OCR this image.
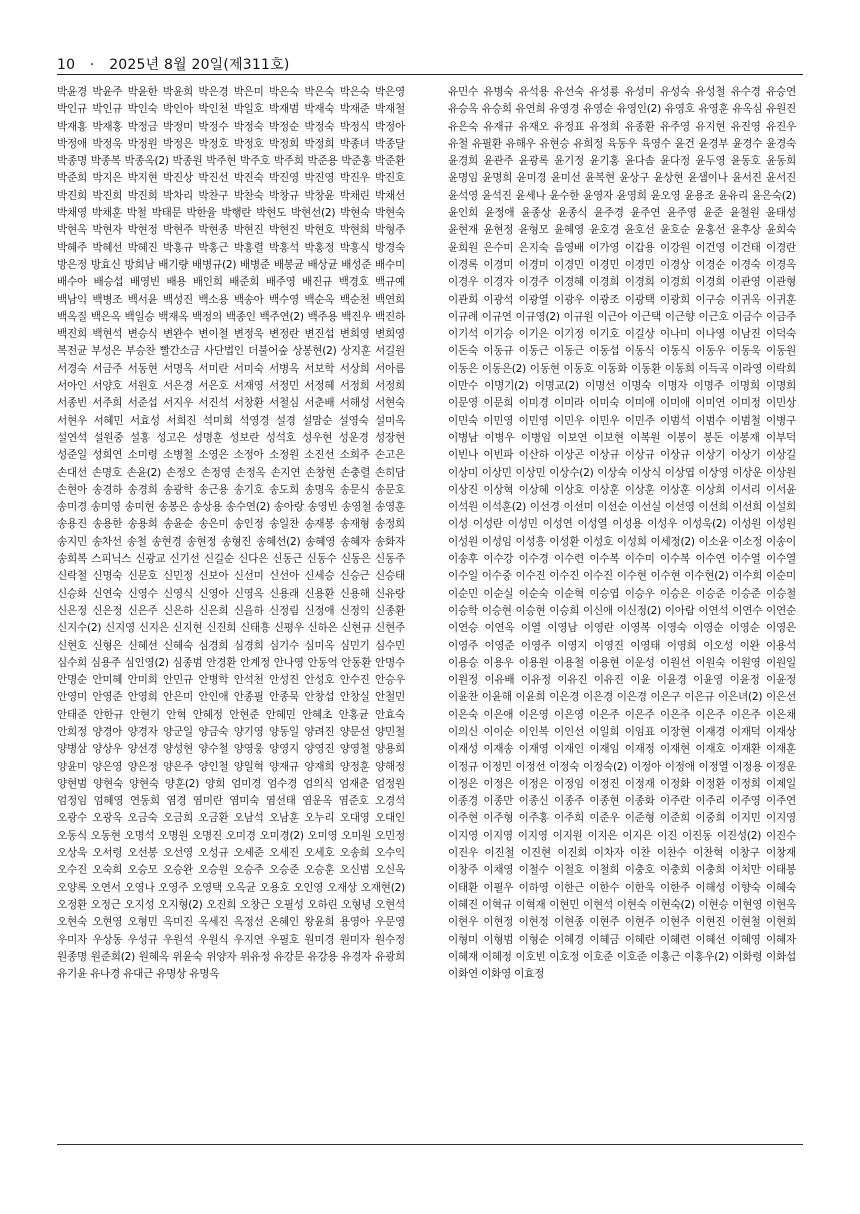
10 · 2025년 8월 20일(제311호)
박윤경 박윤주 박윤한 박윤희 박은경 박은미 박은숙 박은숙 박은숙 박은영 박인규 박인규 박인숙 박인아 박인천 박일호 박재범 박재숙 박재준 박재철 박재홍 박재홍 박정금 박정미 박정수 박정숙 박정순 박정숙 박정식 박정아 박정애 박정욱 박정원 박정은 박정호 박정호 박정희 박정희 박종녀 박종달 박종명 박종복 박종옥(2) 박종원 박주현 박주호 박주희 박준용 박준홍 박준환 박준희 박지은 박지현 박진상 박진선 박진숙 박진영 박진영 박진우 박진호 박진희 박진희 박진희 박차리 박찬구 박찬숙 박창규 박창윤 박채린 박채선 박채영 박채훈 박철 박태문 박한율 박행란 박현도 박현선(2) 박현숙 박현숙 박현옥 박현자 박현정 박현주 박현종 박현진 박현진 박현호 박현희 박형주 박혜주 박혜선 박혜진 박홍규 박홍근 박홍렬 박홍석 박홍정 박홍식 방경숙 방은정 방효신 방희남 배기량 배병규(2) 배병준 배봉균 배상균 배성준 배수미 배수아 배승섭 배영빈 배용 배인희 배준희 배주영 배진규 백경호 백규예 백남익 백병조 백서윤 백성진 백소용 백송아 백수영 백순옥 백순천 백연희 백옥질 백은옥 백일승 백재옥 백정의 백종인 백주연(2) 백주용 백진우 백진하 백진희 백현석 변승식 변완수 변이철 변정욱 변정란 변진섭 변희영 변희영 복전균 부성은 부승찬 빨간소금 사단법인 더불어숲 상봉현(2) 상지훈 서길원 서경숙 서금주 서동현 서명옥 서미란 서미숙 서병옥 서보학 서상희 서아름 서아인 서양호 서원호 서은경 서은호 서재영 서정민 서정혜 서정희 서정희 서종빈 서주희 서준섭 서지우 서진석 서창환 서철심 서춘배 서해성 서현숙 서현우 서혜민 서효성 서희진 석미희 석영경 설경 설맘순 설영숙 설미옥 설연석 설원중 설홍 성고은 성명훈 성보란 성석호 성우현 성운경 성장현 성준일 성희연 소미령 소병철 소영은 소정아 소정원 소진선 소희주 손고은 손대선 손명호 손윤(2) 손정오 손정영 손정옥 손지연 손창현 손충렬 손히담 손현아 송경하 송경희 송광학 송근용 송기호 송도희 송명옥 송문식 송문호 송미경 송미영 송미현 송봉은 송상용 송수연(2) 송아랑 송영빈 송영철 송영훈 송용진 송용한 송용희 송윤순 송은미 송인정 송일찬 송재봉 송재형 송정희 송지민 송차선 송철 송현경 송현정 송형진 송혜선(2) 송혜영 송혜자 송화자 송희복 스피닉스 신광교 신기선 신길순 신다은 신동근 신동수 신동은 신동주 신락철 신명숙 신문호 신민정 신보아 신선미 신선아 신세승 신승근 신승태 신승화 신연숙 신영수 신영식 신영아 신영옥 신용래 신용환 신용해 신유랑 신은정 신은정 신은주 신은하 신은희 신을하 신정림 신정애 신정익 신종환 신지수(2) 신지영 신지은 신지현 신진희 신태흥 신평우 신하은 신현규 신현주 신현호 신형은 신혜선 신혜숙 심경희 심경희 심기수 심미옥 심민기 심수민 심수희 심용주 심인영(2) 심종범 안경환 안계정 안나영 안동억 안동환 안명수 안명순 안미혜 안미희 안민규 안병학 안석천 안성진 안성호 안수진 안승우 안영미 안영준 안영희 안은미 안인애 안종필 안종묵 안창섭 안창실 안철민 안태준 안한규 안현기 안혁 안혜정 안현준 안혜민 안혜초 안홍균 안효숙 안희정 양경아 양경자 양군일 양금숙 양기영 양동일 양려진 양문선 양민철 양병삼 양상우 양선경 양성현 양수철 양영웅 양영지 양영진 양영철 양용희 양윤미 양은영 양은정 양은주 양인철 양일혁 양재규 양재희 양정훈 양해정 양현범 양현숙 양현숙 양훈(2) 양희 엄미경 엄수경 엄의식 엄재춘 엄정원 엄정임 엄혜영 연동희 염경 염미란 염미숙 염선태 염운옥 염준호 오경석 오광수 오광옥 오금숙 오금희 오금환 오남석 오남훈 오누리 오대영 오대인 오동식 오동현 오명석 오명원 오명진 오미경 오미경(2) 오미영 오미원 오민정 오상욱 오서령 오선봉 오선영 오성규 오세준 오세진 오세호 오송희 오수익 오수진 오숙희 오승모 오승완 오승원 오승주 오승준 오승훈 오신범 오신옥 오양록 오연서 오영나 오영주 오영택 오옥균 오용호 오인영 오재상 오재현(2) 오정환 오정근 오지성 오지형(2) 오진희 오창근 오필성 오하린 오형녕 오현석 오현숙 오현영 오형민 옥미진 옥세진 옥정선 온혜인 왕윤희 용영아 우문영 우미자 우상동 우성규 우원석 우원식 우지연 우필호 원미경 원미자 원수정 원종명 원준희(2) 원혜옥 위윤숙 위양자 위유정 유강문 유강용 유경자 유광희 유기윤 유나경 유대근 유명상 유명옥
유민수 유병숙 유석용 유선숙 유성룡 유성미 유성숙 유성철 유수경 유승연 유승옥 유승희 유연희 유영경 유영순 유영인(2) 유영호 유영훈 유옥심 유원진 유은숙 유재규 유재오 유정표 유정희 유종환 유주영 유지현 유진영 유진우 유철 유필환 유해우 유현승 유희정 육동우 육영수 윤건 윤경부 윤경수 윤경숙 윤경희 윤관주 윤광록 윤기정 윤기홍 윤다솜 윤다정 윤두영 윤동호 윤동희 윤명임 윤명희 윤미경 윤미선 윤복현 윤상구 윤상현 윤샘이나 윤서진 윤서진 윤석영 윤석진 윤세나 윤수한 윤영자 윤영희 윤오영 윤용조 윤유리 윤은숙(2) 윤인희 윤정애 윤종상 윤종식 윤주경 윤주연 윤주영 윤준 윤철원 윤태성 윤현재 윤현정 윤형모 윤혜영 윤호경 윤호선 윤호순 윤홍선 윤후상 윤희숙 윤희원 은수미 은지숙 음영배 이가영 이갑용 이강원 이건영 이건태 이경란 이경록 이경미 이경미 이경민 이경민 이경민 이경상 이경순 이경숙 이경옥 이경우 이경자 이경주 이경혜 이경희 이경희 이경희 이경희 이관영 이관형 이관희 이광석 이광열 이광우 이광조 이광택 이광희 이구승 이귀옥 이귀훈 이규례 이규연 이규영(2) 이규원 이근아 이근택 이근향 이근호 이금수 이금주 이기석 이기승 이기은 이기정 이기호 이길상 이나미 이나영 이남진 이덕숙 이돈숙 이동규 이동근 이동근 이동섭 이동식 이동식 이동우 이동욱 이동원 이동은 이동은(2) 이동현 이동호 이동화 이동환 이동희 이득곡 이라영 이락희 이만수 이명기(2) 이명교(2) 이명선 이명숙 이명자 이명주 이명희 이명희 이문영 이문희 이미경 이미라 이미숙 이미애 이미애 이미연 이미정 이민상 이민숙 이민영 이민영 이민우 이민우 이민주 이범석 이범수 이범철 이병구 이병남 이병우 이병임 이보연 이보현 이복원 이봉이 봉돈 이봉재 이부덕 이빈나 이빈파 이산하 이상곤 이상규 이상규 이상규 이상기 이상기 이상길 이상미 이상민 이상민 이상수(2) 이상숙 이상식 이상엽 이상영 이상운 이상원 이상진 이상혁 이상혜 이상호 이상훈 이상훈 이상훈 이상희 이서리 이서윤 이석원 이석훈(2) 이선경 이선미 이선순 이선실 이선영 이선희 이선희 이설희 이성 이성란 이성민 이성연 이성열 이성용 이성우 이성욱(2) 이성원 이성원 이성원 이성임 이성흥 이성환 이성호 이성희 이세정(2) 이소윤 이소정 이송이 이송후 이수강 이수경 이수련 이수복 이수미 이수복 이수연 이수열 이수열 이수일 이수중 이수진 이수진 이수진 이수현 이수현 이수현(2) 이수희 이순미 이순민 이순실 이순숙 이순혁 이승엽 이승우 이승은 이승준 이승준 이승철 이승학 이승현 이승현 이승희 이신애 이신정(2) 이아람 이연석 이연수 이연순 이연승 이연옥 이열 이영남 이영란 이영복 이영숙 이영순 이영순 이영은 이영주 이영준 이영주 이영지 이영진 이영태 이영희 이오성 이완 이용석 이용승 이용우 이용원 이용철 이용현 이운성 이원선 이원숙 이원영 이원일 이원정 이유배 이유정 이유진 이유진 이윤 이윤경 이윤영 이윤정 이윤정 이윤찬 이윤해 이윤희 이은경 이은경 이은경 이은구 이은규 이은녀(2) 이은선 이은숙 이은애 이은영 이은영 이은주 이은주 이은주 이은주 이은주 이은채 이의신 이이순 이인복 이인선 이일희 이임표 이장현 이재경 이재덕 이재상 이재성 이재송 이재영 이재인 이재임 이재정 이재현 이재호 이재환 이재훈 이정규 이정민 이정선 이정숙 이정숙(2) 이정아 이정애 이정열 이정용 이정운 이정은 이정은 이정은 이정임 이정진 이정재 이정화 이정환 이정희 이제일 이종경 이종만 이종신 이종주 이종현 이종화 이주란 이주리 이주영 이주연 이주현 이주형 이주홍 이주희 이준우 이준형 이준희 이중희 이지민 이지영 이지영 이지영 이지영 이지원 이지은 이지은 이진 이진동 이진성(2) 이진수 이진우 이진철 이진현 이진희 이차자 이찬 이찬수 이찬혁 이창구 이창재 이창주 이채영 이철수 이철호 이철희 이충호 이충희 이충희 이치만 이태봉 이태환 이필우 이하영 이한근 이한수 이한욱 이한주 이해성 이향숙 이혜숙 이혜진 이혁규 이혁재 이현민 이현석 이현숙 이현숙(2) 이현승 이현영 이현옥 이현우 이현정 이현정 이현종 이현주 이현주 이현주 이현진 이현철 이현희 이형미 이형범 이형순 이혜경 이혜금 이혜란 이혜련 이혜선 이혜영 이혜자 이혜재 이혜정 이호빈 이호정 이호준 이호준 이홍근 이홍우(2) 이화령 이화섭 이화연 이화영 이효정
